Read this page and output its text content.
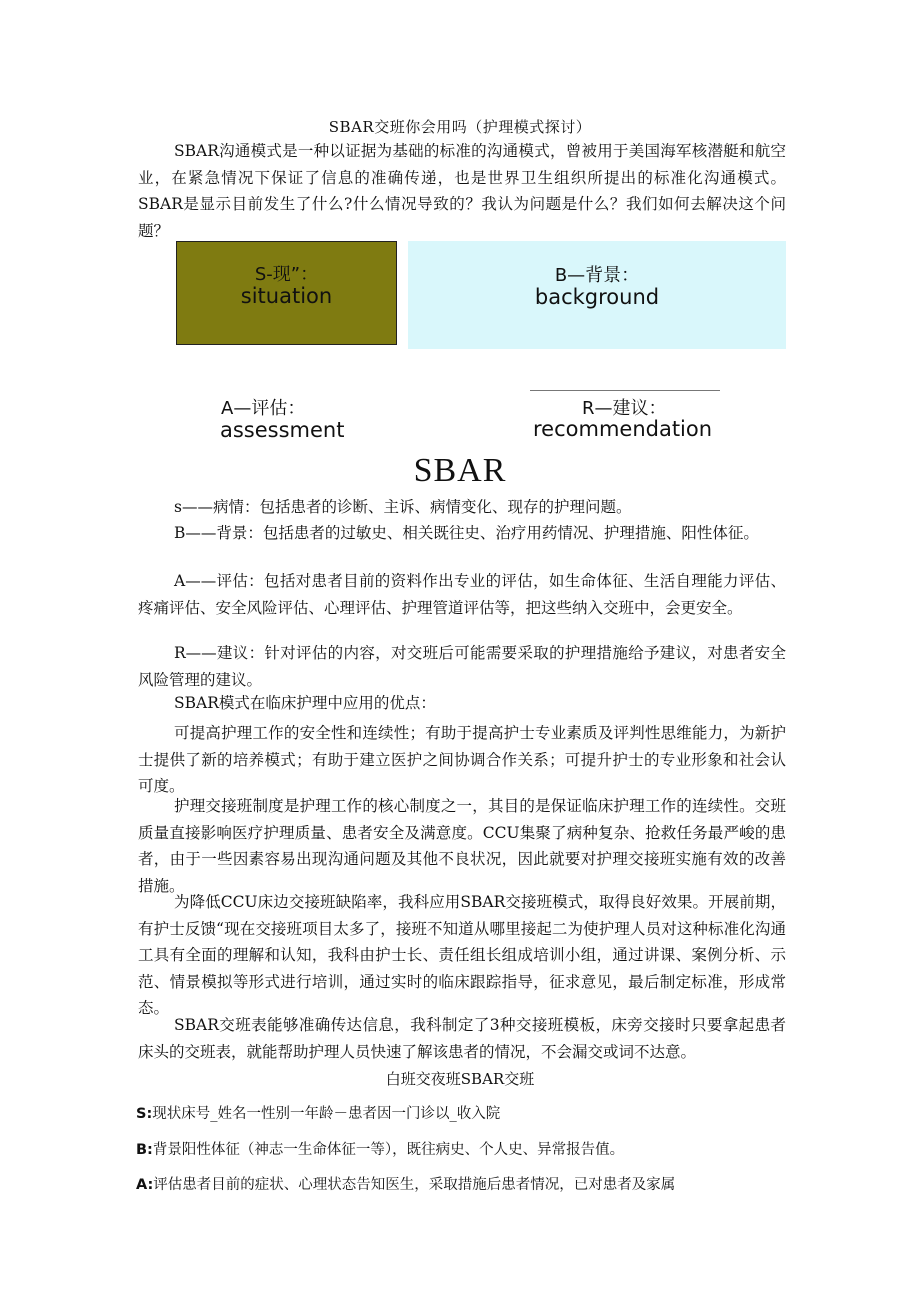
SBAR交班你会用吗（护理模式探讨）
SBAR沟通模式是一种以证据为基础的标准的沟通模式，曾被用于美国海军核潜艇和航空业，在紧急情况下保证了信息的准确传递，也是世界卫生组织所提出的标准化沟通模式。SBAR是显示目前发生了什么?什么情况导致的？我认为问题是什么？我们如何去解决这个问题？
S-现”：
situation
B—背景：
background
A—评估：
assessment
R—建议：
recommendation
SBAR
s——病情：包括患者的诊断、主诉、病情变化、现存的护理问题。
B——背景：包括患者的过敏史、相关既往史、治疗用药情况、护理措施、阳性体征。
A——评估：包括对患者目前的资料作出专业的评估，如生命体征、生活自理能力评估、疼痛评估、安全风险评估、心理评估、护理管道评估等，把这些纳入交班中，会更安全。
R——建议：针对评估的内容，对交班后可能需要采取的护理措施给予建议，对患者安全风险管理的建议。
SBAR模式在临床护理中应用的优点：
可提高护理工作的安全性和连续性；有助于提高护士专业素质及评判性思维能力，为新护士提供了新的培养模式；有助于建立医护之间协调合作关系；可提升护士的专业形象和社会认可度。
护理交接班制度是护理工作的核心制度之一，其目的是保证临床护理工作的连续性。交班质量直接影响医疗护理质量、患者安全及满意度。CCU集聚了病种复杂、抢救任务最严峻的患者，由于一些因素容易出现沟通问题及其他不良状况，因此就要对护理交接班实施有效的改善措施。
为降低CCU床边交接班缺陷率，我科应用SBAR交接班模式，取得良好效果。开展前期，有护士反馈“现在交接班项目太多了，接班不知道从哪里接起二为使护理人员对这种标准化沟通工具有全面的理解和认知，我科由护士长、责任组长组成培训小组，通过讲课、案例分析、示范、情景模拟等形式进行培训，通过实时的临床跟踪指导，征求意见，最后制定标准，形成常态。
SBAR交班表能够准确传达信息，我科制定了3种交接班模板，床旁交接时只要拿起患者床头的交班表，就能帮助护理人员快速了解该患者的情况，不会漏交或词不达意。
白班交夜班SBAR交班
S:现状床号_姓名一性别一年龄－患者因一门诊以_收入院
B:背景阳性体征（神志一生命体征一等），既往病史、个人史、异常报告值。
A:评估患者目前的症状、心理状态告知医生，采取措施后患者情况，已对患者及家属
